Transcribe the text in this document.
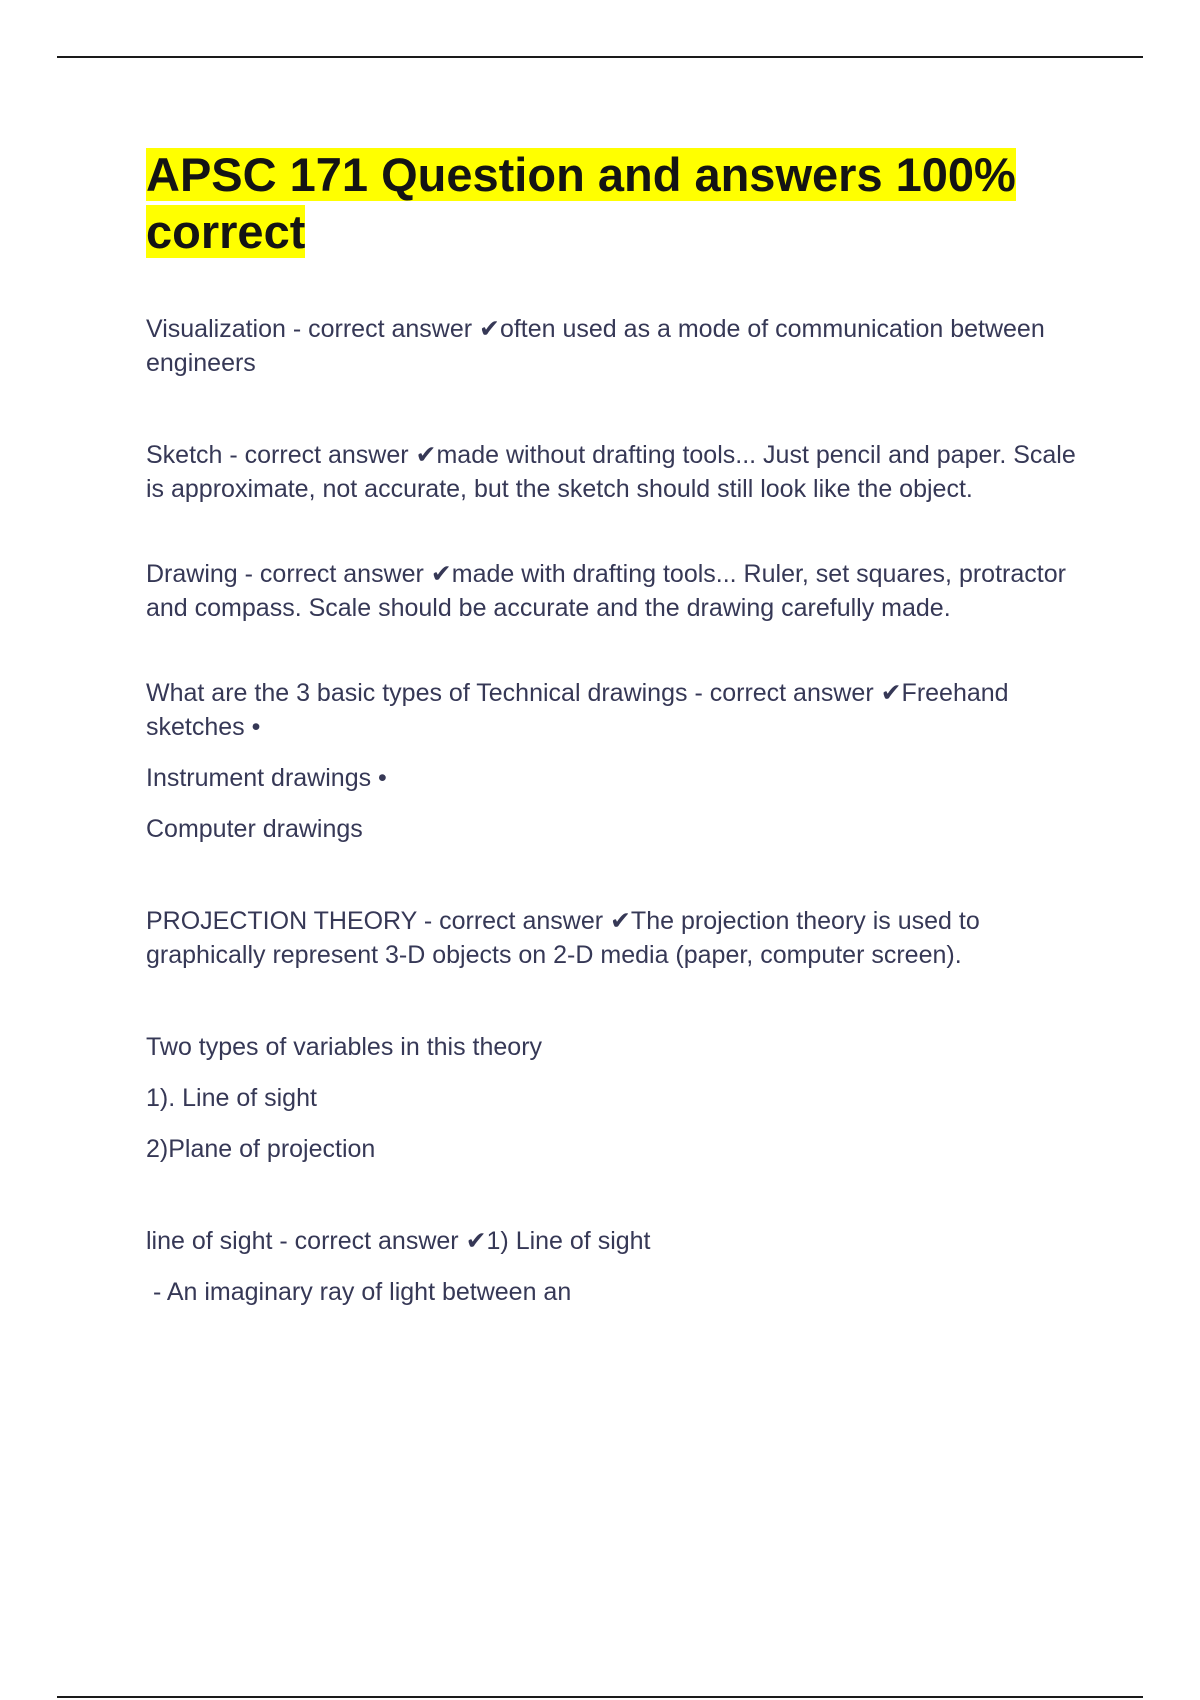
APSC 171 Question and answers 100% correct

Visualization - correct answer ✔often used as a mode of communication between engineers

Sketch - correct answer ✔made without drafting tools... Just pencil and paper. Scale is approximate, not accurate, but the sketch should still look like the object.

Drawing - correct answer ✔made with drafting tools... Ruler, set squares, protractor and compass. Scale should be accurate and the drawing carefully made.

What are the 3 basic types of Technical drawings - correct answer ✔Freehand sketches •

Instrument drawings •

Computer drawings

PROJECTION THEORY - correct answer ✔The projection theory is used to graphically represent 3-D objects on 2-D media (paper, computer screen).

Two types of variables in this theory

1). Line of sight

2)Plane of projection

line of sight - correct answer ✔1) Line of sight

- An imaginary ray of light between an
